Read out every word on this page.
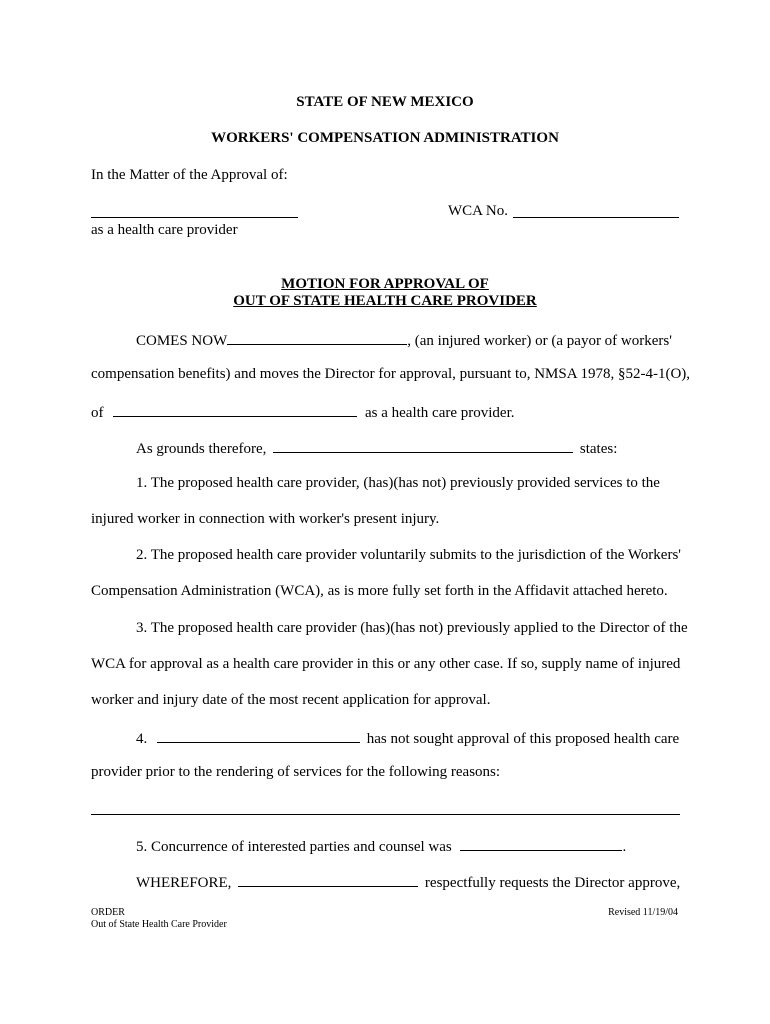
STATE OF NEW MEXICO
WORKERS' COMPENSATION ADMINISTRATION
In the Matter of the Approval of:
WCA No.
as a health care provider
MOTION FOR APPROVAL OF
OUT OF STATE HEALTH CARE PROVIDER
COMES NOW	, (an injured worker) or (a payor of workers'
compensation benefits) and moves the Director for approval, pursuant to, NMSA 1978, §52-4-1(O),
of	as a health care provider.
As grounds therefore,	states:
1. The proposed health care provider, (has)(has not) previously provided services to the
injured worker in connection with worker's present injury.
2. The proposed health care provider voluntarily submits to the jurisdiction of the Workers'
Compensation Administration (WCA), as is more fully set forth in the Affidavit attached hereto.
3. The proposed health care provider (has)(has not) previously applied to the Director of the
WCA for approval as a health care provider in this or any other case. If so, supply name of injured
worker and injury date of the most recent application for approval.
4.	has not sought approval of this proposed health care
provider prior to the rendering of services for the following reasons:
5. Concurrence of interested parties and counsel was	.
WHEREFORE,	respectfully requests the Director approve,
ORDER
Out of State Health Care Provider
Revised 11/19/04
